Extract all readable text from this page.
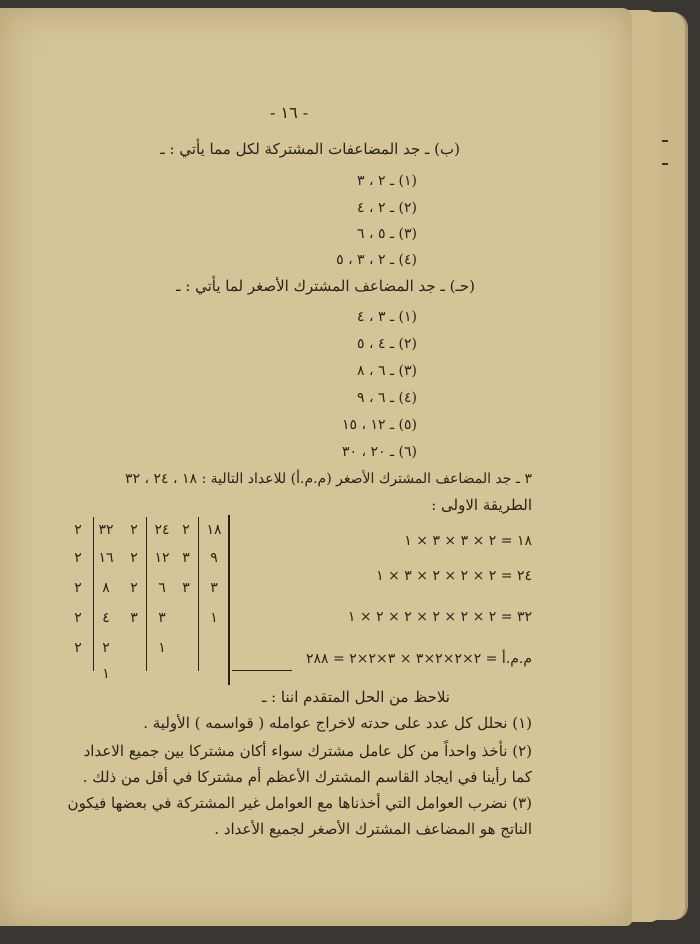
- ١٦ -
(ب) ـ جد المضاعفات المشتركة لكل مما يأتي : ـ
(١) ـ ٢ ، ٣
(٢) ـ ٢ ، ٤
(٣) ـ ٥ ، ٦
(٤) ـ ٢ ، ٣ ، ٥
(حـ) ـ جد المضاعف المشترك الأصغر لما يأتي : ـ
(١) ـ ٣ ، ٤
(٢) ـ ٤ ، ٥
(٣) ـ ٦ ، ٨
(٤) ـ ٦ ، ٩
(٥) ـ ١٢ ، ١٥
(٦) ـ ٢٠ ، ٣٠
٣ ـ جد المضاعف المشترك الأصغر (م.م.أ) للاعداد التالية : ١٨ ، ٢٤ ، ٣٢
الطريقة الاولى :
١٨ = ٢ × ٣ × ٣ × ١
٢٤ = ٢ × ٢ × ٢ × ٣ × ١
٣٢ = ٢ × ٢ × ٢ × ٢ × ٢ × ١
م.م.أ = ٢×٢×٢×٣ × ٣×٢×٢ = ٢٨٨
١٨
٩
٣
١
٢
٣
٣
٢٤
١٢
٦
٣
١
٢
٢
٢
٣
٣٢
١٦
٨
٤
٢
١
٢
٢
٢
٢
٢
نلاحظ من الحل المتقدم اننا : ـ
(١) نحلل كل عدد على حدته لاخراج عوامله ( قواسمه ) الأولية .
(٢) نأخذ واحداً من كل عامل مشترك سواء أكان مشتركا بين جميع الاعداد
كما رأينا في ايجاد القاسم المشترك الأعظم أم مشتركا في أقل من ذلك .
(٣) نضرب العوامل التي أخذناها مع العوامل غير المشتركة في بعضها فيكون
الناتج هو المضاعف المشترك الأصغر لجميع الأعداد .
